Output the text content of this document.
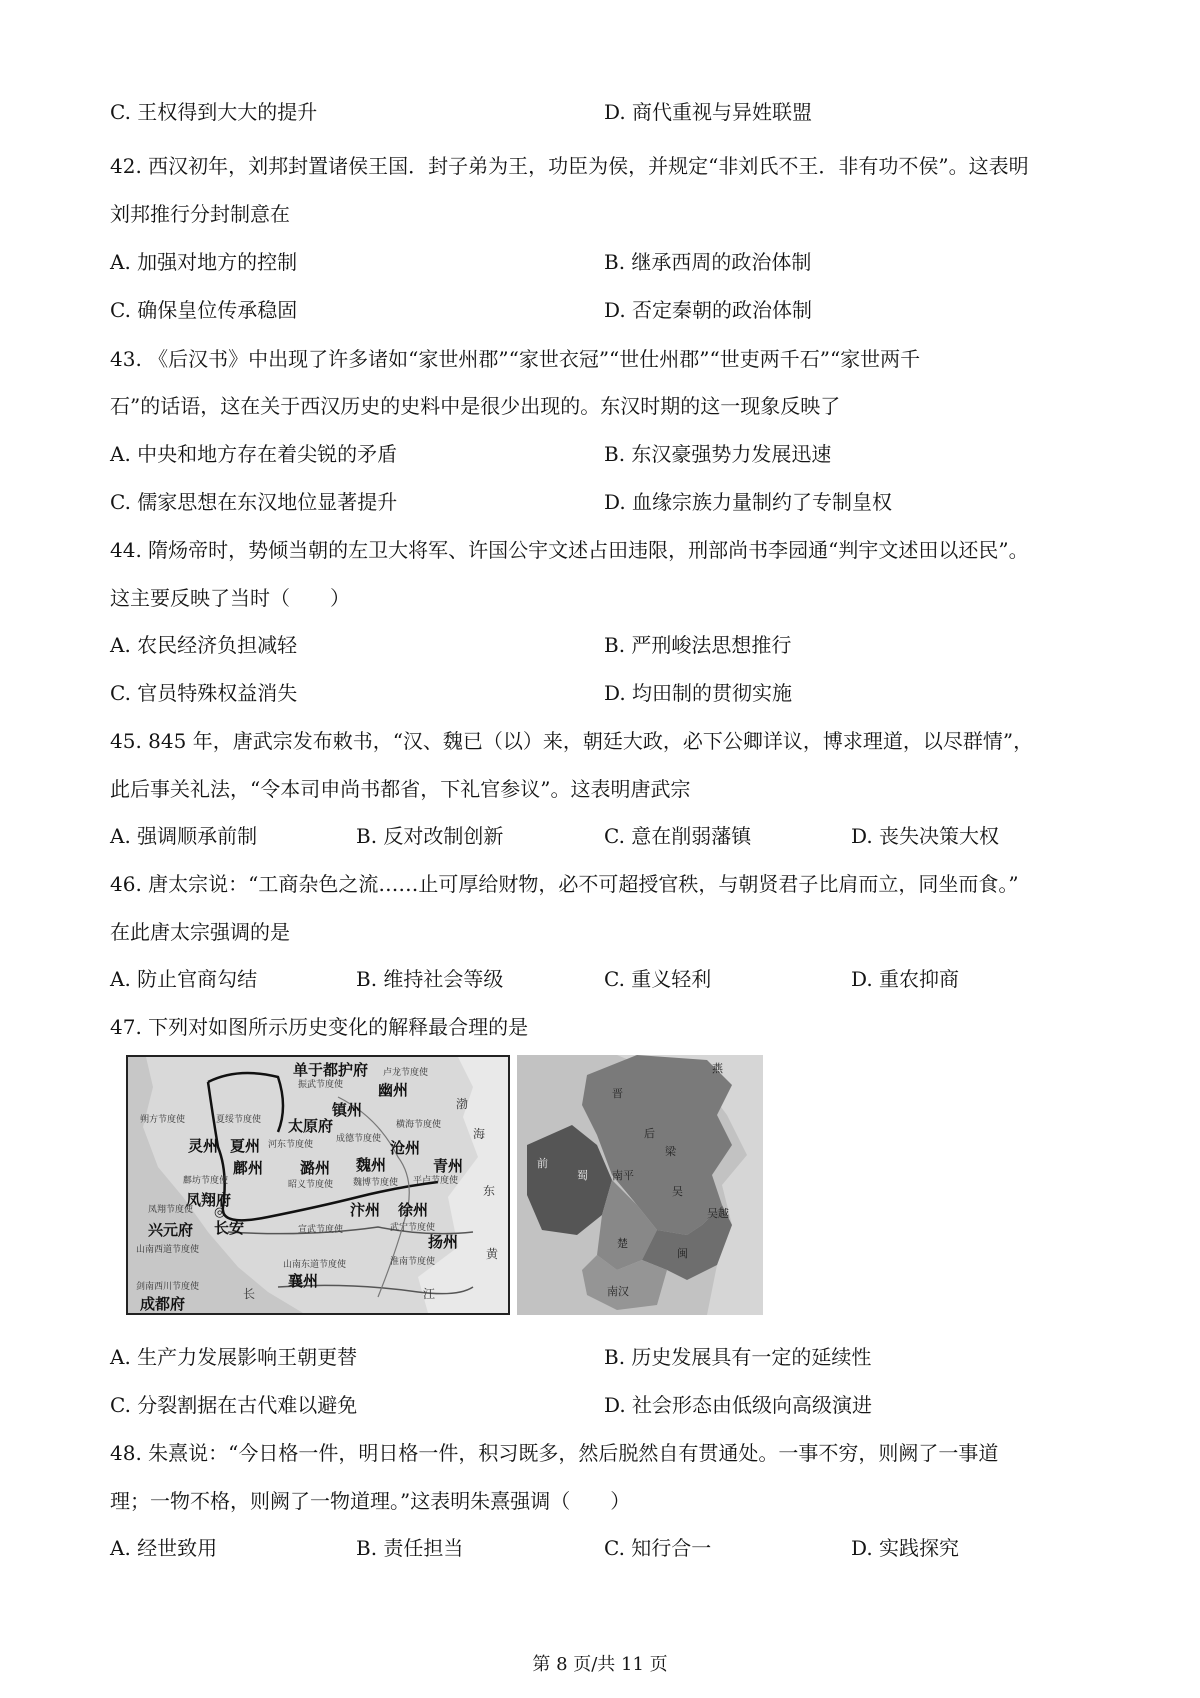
C. 王权得到大大的提升	D. 商代重视与异姓联盟
42. 西汉初年，刘邦封置诸侯王国．封子弟为王，功臣为侯，并规定“非刘氏不王．非有功不侯”。这表明
刘邦推行分封制意在
A. 加强对地方的控制	B. 继承西周的政治体制
C. 确保皇位传承稳固	D. 否定秦朝的政治体制
43. 《后汉书》中出现了许多诸如“家世州郡”“家世衣冠”“世仕州郡”“世吏两千石”“家世两千
石”的话语，这在关于西汉历史的史料中是很少出现的。东汉时期的这一现象反映了
A. 中央和地方存在着尖锐的矛盾	B. 东汉豪强势力发展迅速
C. 儒家思想在东汉地位显著提升	D. 血缘宗族力量制约了专制皇权
44. 隋炀帝时，势倾当朝的左卫大将军、许国公宇文述占田违限，刑部尚书李园通“判宇文述田以还民”。
这主要反映了当时（　　）
A. 农民经济负担减轻	B. 严刑峻法思想推行
C. 官员特殊权益消失	D. 均田制的贯彻实施
45. 845 年，唐武宗发布敕书，“汉、魏已（以）来，朝廷大政，必下公卿详议，博求理道，以尽群情”，
此后事关礼法，“令本司申尚书都省，下礼官参议”。这表明唐武宗
A. 强调顺承前制	B. 反对改制创新	C. 意在削弱藩镇	D. 丧失决策大权
46. 唐太宗说：“工商杂色之流……止可厚给财物，必不可超授官秩，与朝贤君子比肩而立，同坐而食。”
在此唐太宗强调的是
A. 防止官商勾结	B. 维持社会等级	C. 重义轻利	D. 重农抑商
47. 下列对如图所示历史变化的解释最合理的是
单于都护府
幽州
镇州
太原府
灵州 夏州
鄜州
沧州
青州
潞州 魏州
凤翔府
汴州 徐州
兴元府 长安
扬州
襄州
成都府
卢龙节度使
振武节度使
朔方节度使	夏绥节度使	横海节度使
河东节度使
成德节度使
鄜坊节度使	昭义节度使 魏博节度使 平卢节度使
凤翔节度使
宣武节度使	武宁节度使
山南西道节度使
山南东道节度使	淮南节度使
剑南西川节度使
渤
海
东
黄
长	江
◎
燕
晋
后
梁
前
蜀 南平
吴
吴越
楚
闽
南汉
A. 生产力发展影响王朝更替	B. 历史发展具有一定的延续性
C. 分裂割据在古代难以避免	D. 社会形态由低级向高级演进
48. 朱熹说：“今日格一件，明日格一件，积习既多，然后脱然自有贯通处。一事不穷，则阙了一事道
理；一物不格，则阙了一物道理。”这表明朱熹强调（　　）
A. 经世致用	B. 责任担当	C. 知行合一	D. 实践探究
第 8 页/共 11 页
